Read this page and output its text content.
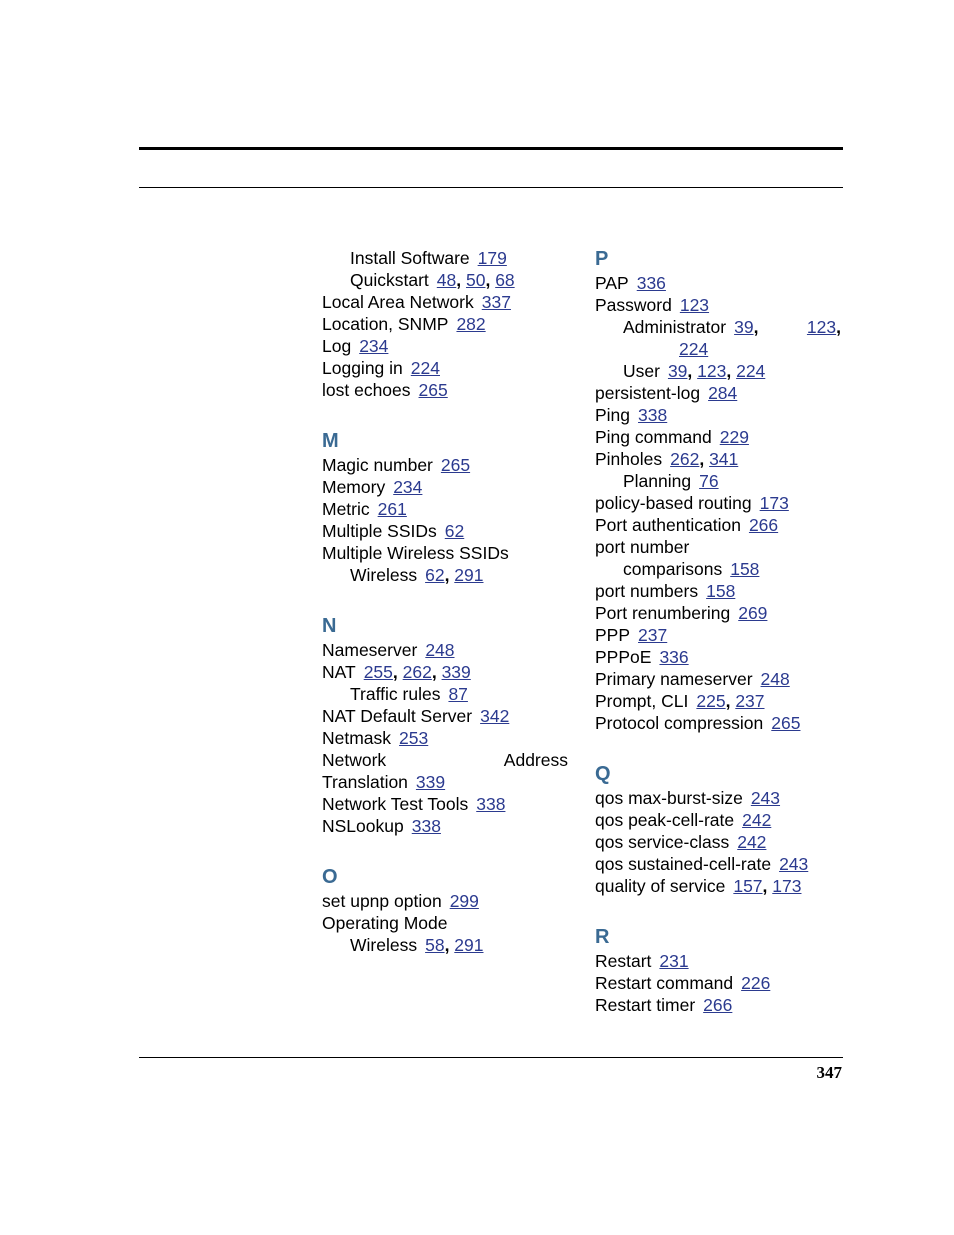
Install Software 179
Quickstart 48, 50, 68
Local Area Network 337
Location, SNMP 282
Log 234
Logging in 224
lost echoes 265
M
Magic number 265
Memory 234
Metric 261
Multiple SSIDs 62
Multiple Wireless SSIDs
Wireless 62, 291
N
Nameserver 248
NAT 255, 262, 339
Traffic rules 87
NAT Default Server 342
Netmask 253
Network	Address
Translation 339
Network Test Tools 338
NSLookup 338
O
set upnp option 299
Operating Mode
Wireless 58, 291
P
PAP 336
Password 123
Administrator 39,	123,
224
User 39, 123, 224
persistent-log 284
Ping 338
Ping command 229
Pinholes 262, 341
Planning 76
policy-based routing 173
Port authentication 266
port number
comparisons 158
port numbers 158
Port renumbering 269
PPP 237
PPPoE 336
Primary nameserver 248
Prompt, CLI 225, 237
Protocol compression 265
Q
qos max-burst-size 243
qos peak-cell-rate 242
qos service-class 242
qos sustained-cell-rate 243
quality of service 157, 173
R
Restart 231
Restart command 226
Restart timer 266
347
